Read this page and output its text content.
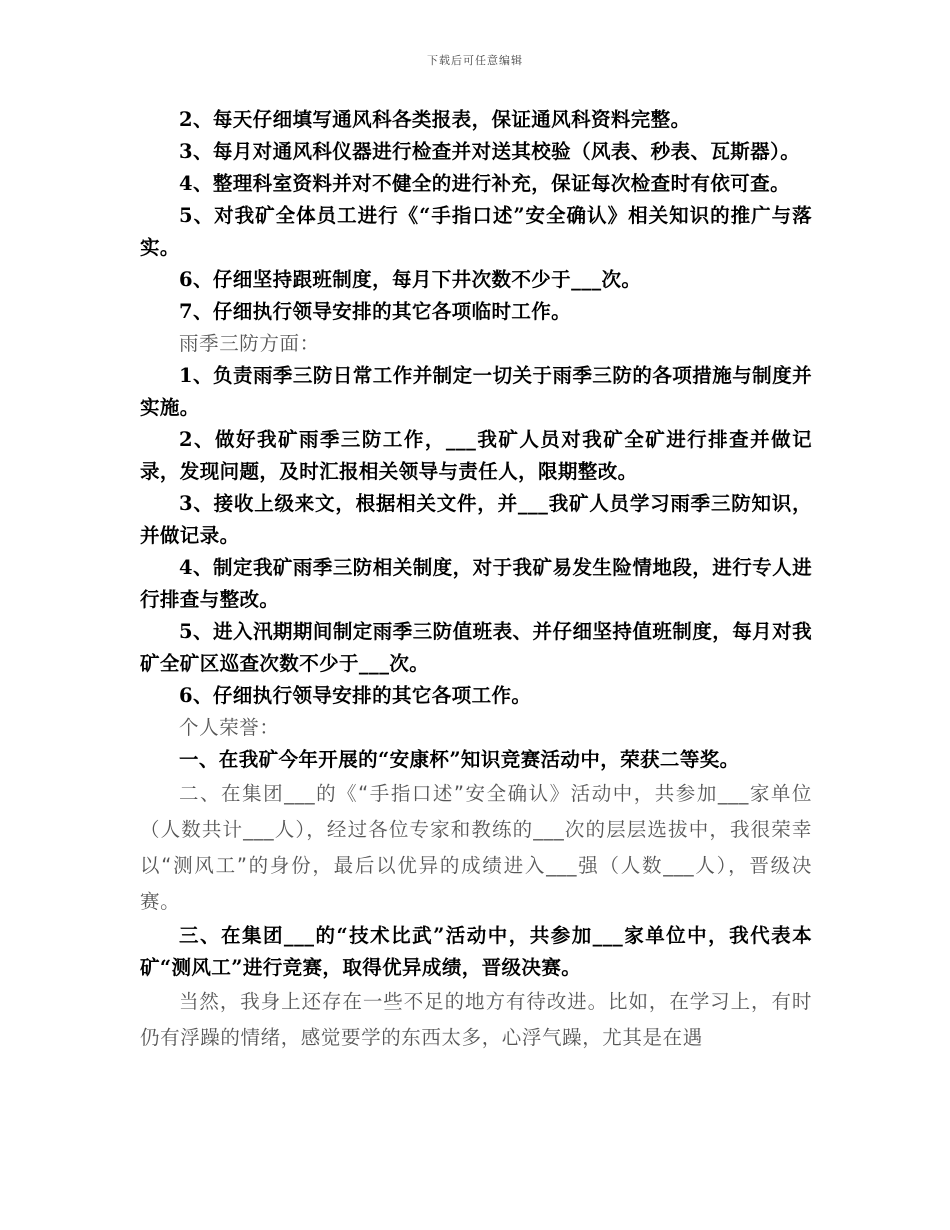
下载后可任意编辑

2、每天仔细填写通风科各类报表，保证通风科资料完整。

3、每月对通风科仪器进行检查并对送其校验（风表、秒表、瓦斯器）。

4、整理科室资料并对不健全的进行补充，保证每次检查时有依可查。

5、对我矿全体员工进行《“手指口述”安全确认》相关知识的推广与落实。

6、仔细坚持跟班制度，每月下井次数不少于___次。

7、仔细执行领导安排的其它各项临时工作。

雨季三防方面：

1、负责雨季三防日常工作并制定一切关于雨季三防的各项措施与制度并实施。

2、做好我矿雨季三防工作，___我矿人员对我矿全矿进行排查并做记录，发现问题，及时汇报相关领导与责任人，限期整改。

3、接收上级来文，根据相关文件，并___我矿人员学习雨季三防知识，并做记录。

4、制定我矿雨季三防相关制度，对于我矿易发生险情地段，进行专人进行排查与整改。

5、进入汛期期间制定雨季三防值班表、并仔细坚持值班制度，每月对我矿全矿区巡查次数不少于___次。

6、仔细执行领导安排的其它各项工作。

个人荣誉：

一、在我矿今年开展的“安康杯”知识竞赛活动中，荣获二等奖。

二、在集团___的《“手指口述”安全确认》活动中，共参加___家单位（人数共计___人），经过各位专家和教练的___次的层层选拔中，我很荣幸以“测风工”的身份，最后以优异的成绩进入___强（人数___人），晋级决赛。

三、在集团___的“技术比武”活动中，共参加___家单位中，我代表本矿“测风工”进行竞赛，取得优异成绩，晋级决赛。

当然，我身上还存在一些不足的地方有待改进。比如，在学习上，有时仍有浮躁的情绪，感觉要学的东西太多，心浮气躁，尤其是在遇
